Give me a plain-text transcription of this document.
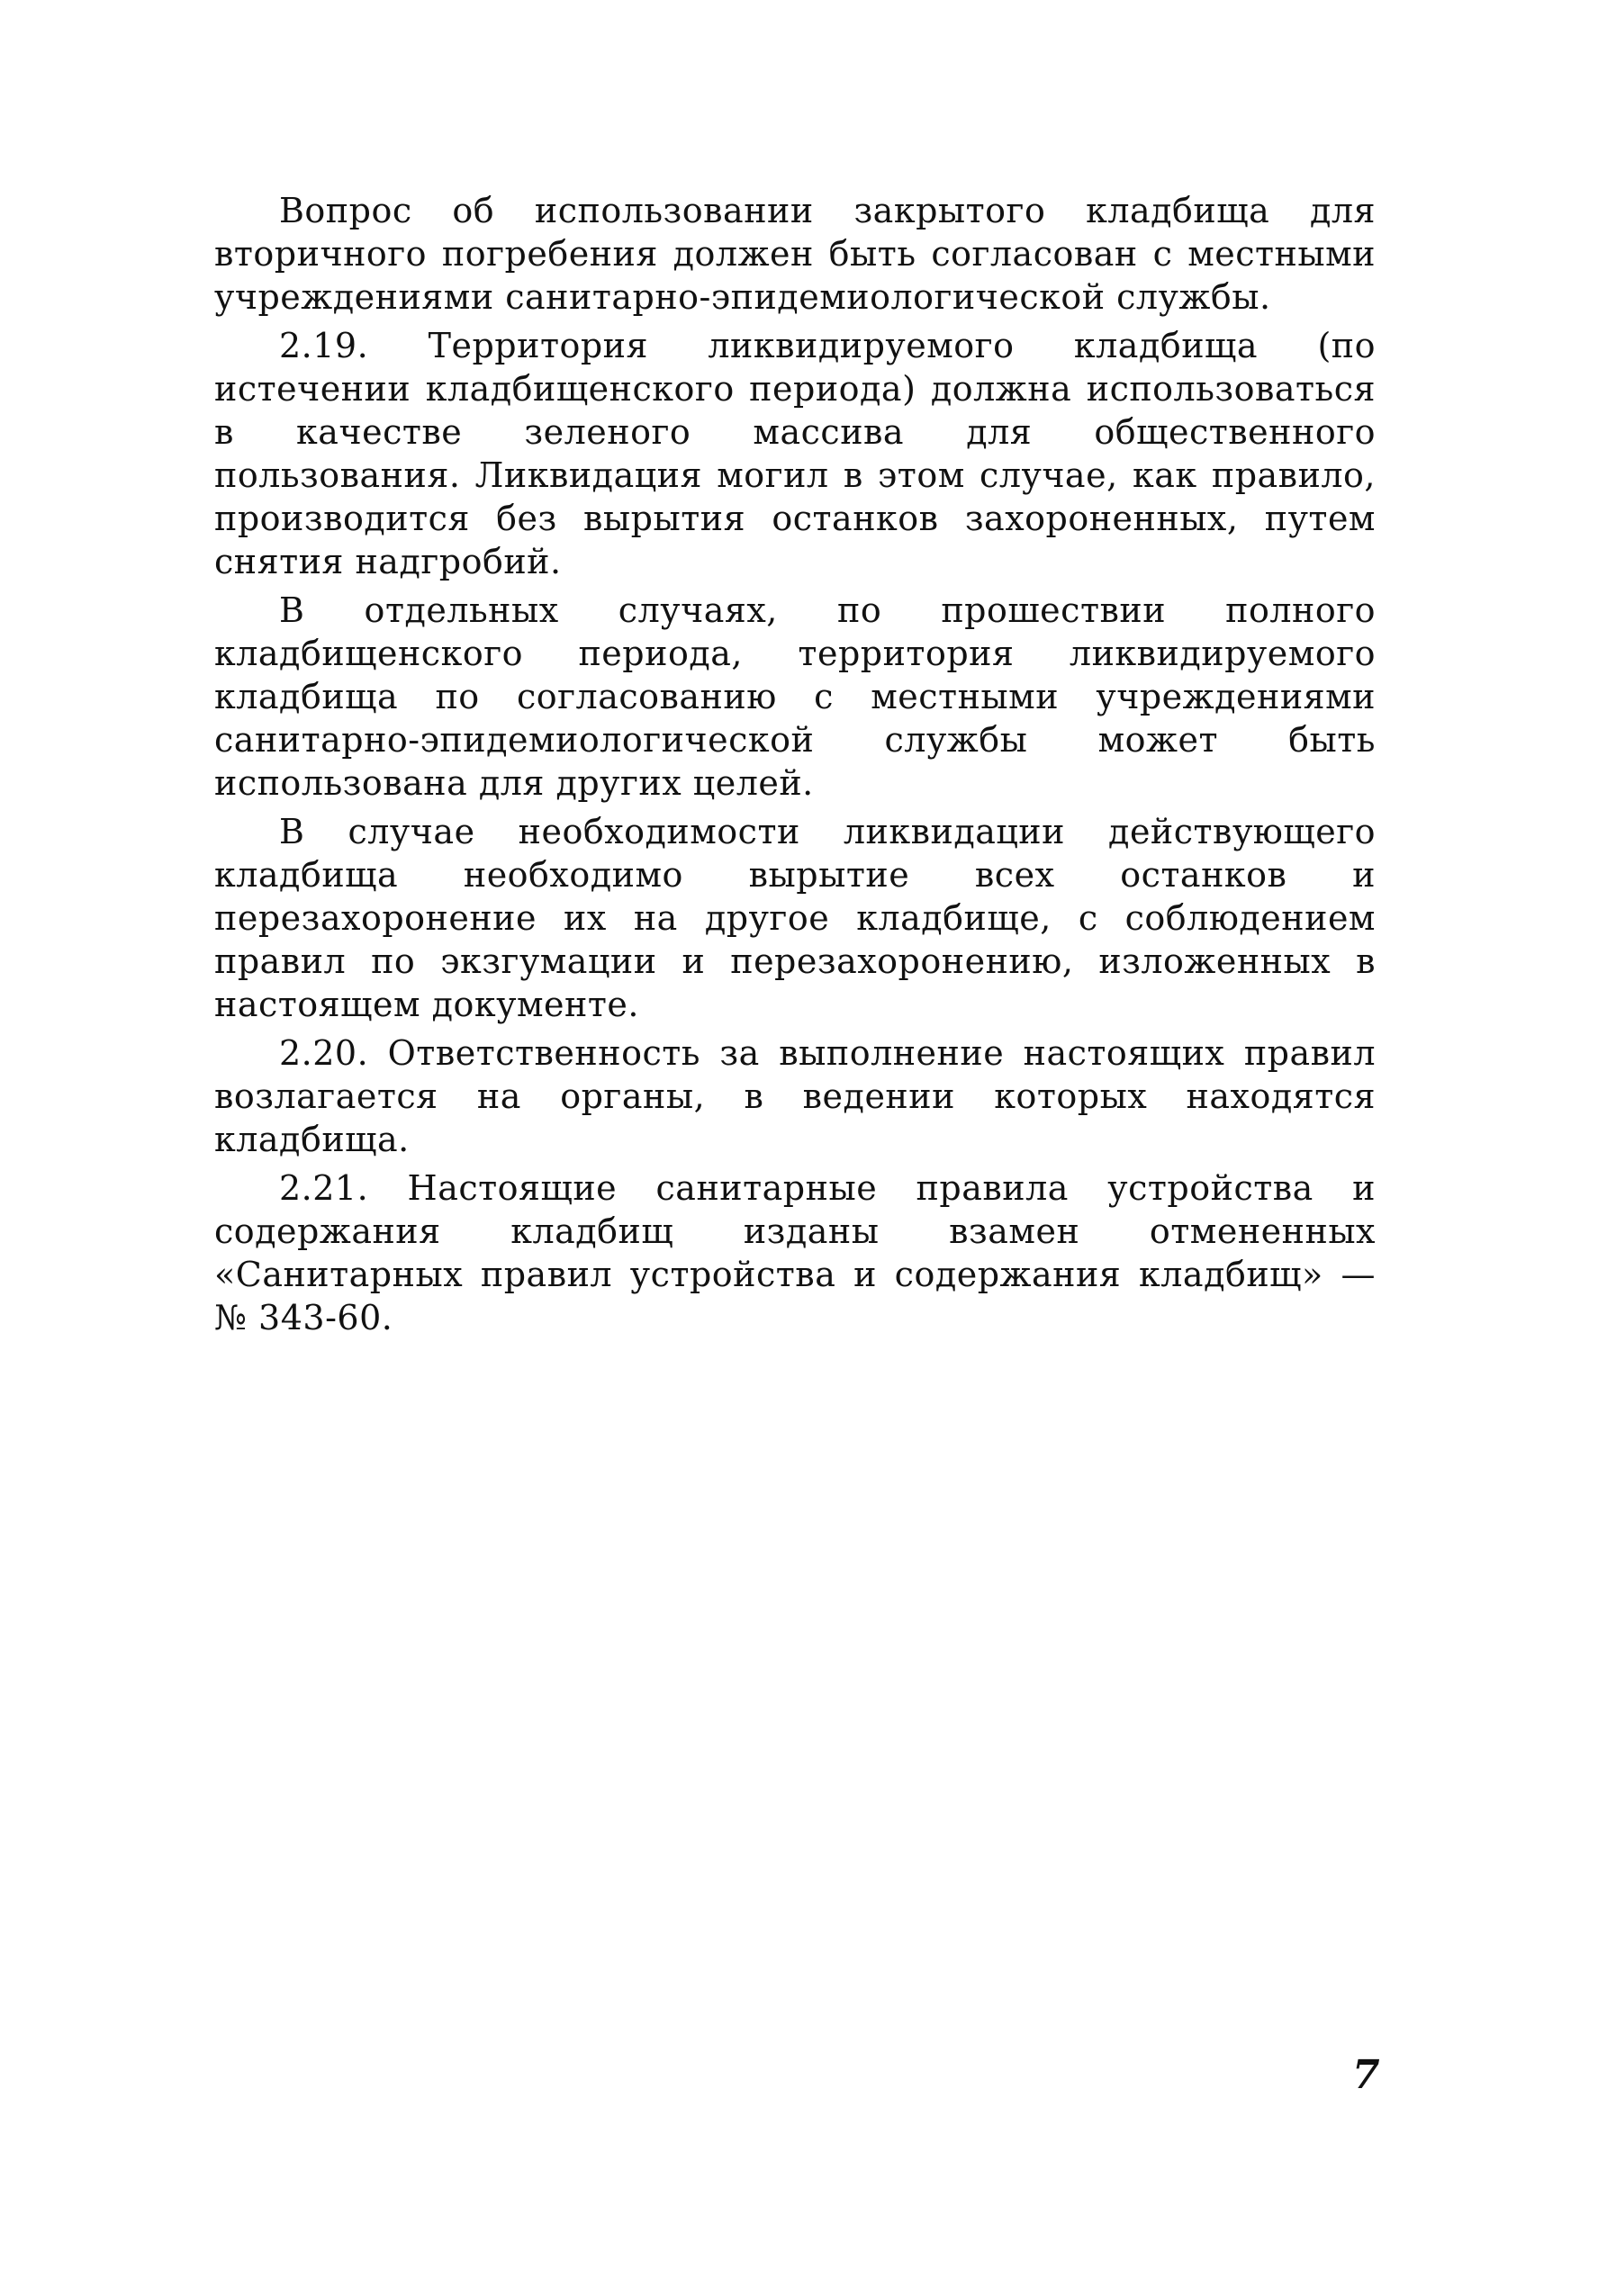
Вопрос об использовании закрытого кладбища для вторичного погребения должен быть согласован с местными учреждениями санитарно-эпидемиологической службы.

2.19. Территория ликвидируемого кладбища (по истечении кладбищенского периода) должна использоваться в качестве зеленого массива для общественного пользования. Ликвидация могил в этом случае, как правило, производится без вырытия останков захороненных, путем снятия надгробий.

В отдельных случаях, по прошествии полного кладбищенского периода, территория ликвидируемого кладбища по согласованию с местными учреждениями санитарно-эпидемиологической службы может быть использована для других целей.

В случае необходимости ликвидации действующего кладбища необходимо вырытие всех останков и перезахоронение их на другое кладбище, с соблюдением правил по экзгумации и перезахоронению, изложенных в настоящем документе.

2.20. Ответственность за выполнение настоящих правил возлагается на органы, в ведении которых находятся кладбища.

2.21. Настоящие санитарные правила устройства и содержания кладбищ изданы взамен отмененных «Санитарных правил устройства и содержания кладбищ» — № 343-60.

7
